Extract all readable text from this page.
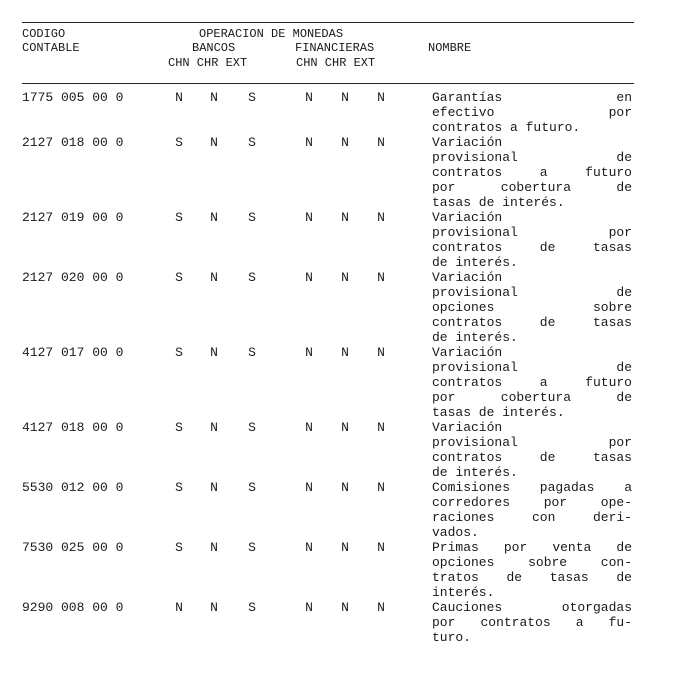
CODIGO
CONTABLE
OPERACION DE MONEDAS
BANCOS	FINANCIERAS	NOMBRE
CHN CHR EXT	CHN CHR EXT
1775 005 00 0	N	N	S	N	N	N	Garantías en
efectivo por
contratos a futuro.
2127 018 00 0	S	N	S	N	N	N	Variación
provisional de
contratos a futuro
por cobertura de
tasas de interés.
2127 019 00 0	S	N	S	N	N	N	Variación
provisional por
contratos de tasas
de interés.
2127 020 00 0	S	N	S	N	N	N	Variación
provisional de
opciones sobre
contratos de tasas
de interés.
4127 017 00 0	S	N	S	N	N	N	Variación
provisional de
contratos a futuro
por cobertura de
tasas de interés.
4127 018 00 0	S	N	S	N	N	N	Variación
provisional por
contratos de tasas
de interés.
5530 012 00 0	S	N	S	N	N	N	Comisiones pagadas a
corredores por ope-
raciones con deri-
vados.
7530 025 00 0	S	N	S	N	N	N	Primas por venta de
opciones sobre con-
tratos de tasas de
interés.
9290 008 00 0	N	N	S	N	N	N	Cauciones otorgadas
por contratos a fu-
turo.
